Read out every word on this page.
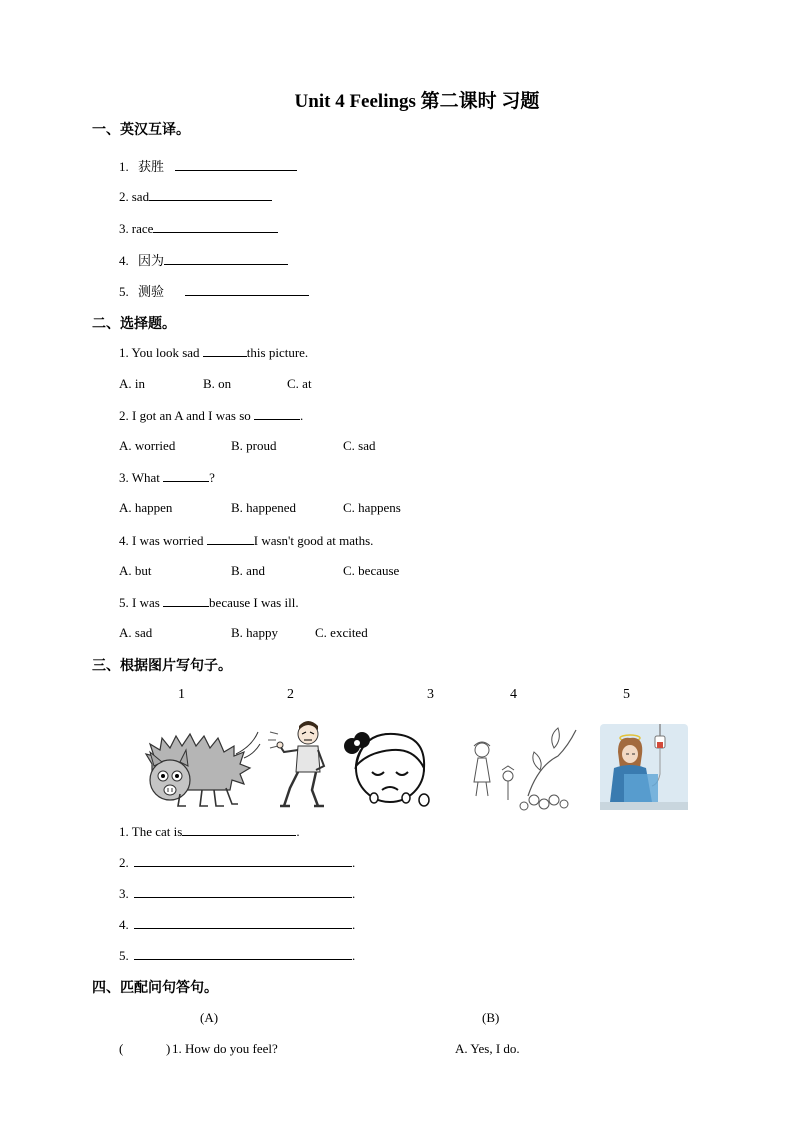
Unit 4 Feelings 第二课时 习题
一、英汉互译。
1. 获胜
2. sad
3. race
4. 因为
5. 测验
二、选择题。
1. You look sad	this picture.
A. in	B. on	C. at
2. I got an A and I was so	.
A. worried	B. proud	C. sad
3. What	?
A. happen	B. happened	C. happens
4. I was worried	I wasn't good at maths.
A. but	B. and	C. because
5. I was	because I was ill.
A. sad	B. happy	C. excited
三、根据图片写句子。
1	2	3	4	5
1. The cat is	.
2.	.
3.	.
4.	.
5.	.
四、匹配问句答句。
(A)	(B)
(	) 1. How do you feel?	A. Yes, I do.
